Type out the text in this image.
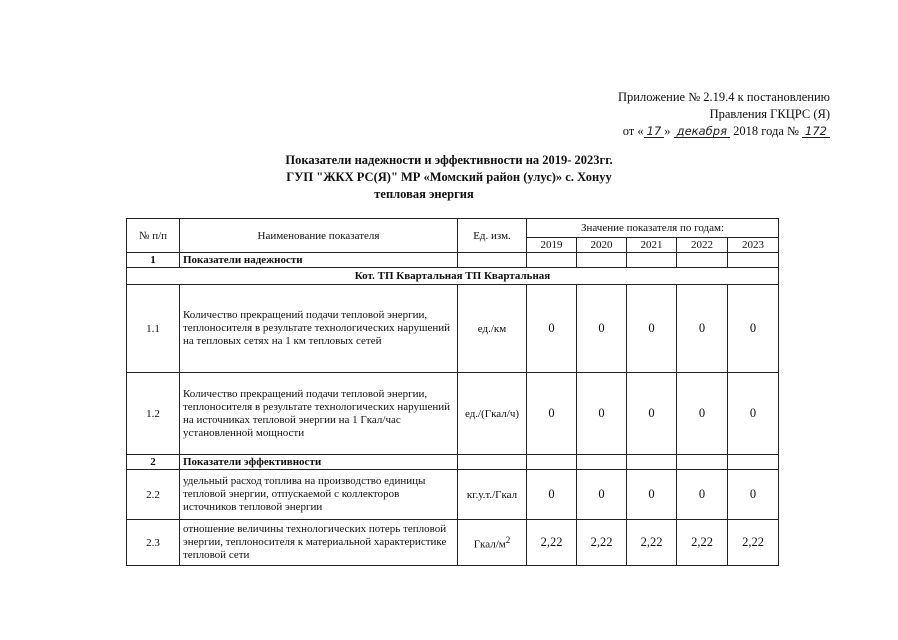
Приложение № 2.19.4 к постановлению
Правления ГКЦРС (Я)
от « 17 » декабря 2018 года № 172
Показатели надежности и эффективности на 2019- 2023гг.
ГУП "ЖКХ РС(Я)" МР «Момский район (улус)» с. Хонуу
тепловая энергия
№ п/п	Наименование показателя	Ед. изм.	Значение показателя по годам:				
			2019	2020	2021	2022	2023
1	Показатели надежности						
Кот. ТП Квартальная ТП Квартальная							
1.1	Количество прекращений подачи тепловой энергии, теплоносителя в результате технологических нарушений на тепловых сетях на 1 км тепловых сетей	ед./км	0	0	0	0	0
1.2	Количество прекращений подачи тепловой энергии, теплоносителя в результате технологических нарушений на источниках тепловой энергии на 1 Гкал/час установленной мощности	ед./(Гкал/ч)	0	0	0	0	0
2	Показатели эффективности						
2.2	удельный расход топлива на производство единицы тепловой энергии, отпускаемой с коллекторов источников тепловой энергии	кг.у.т./Гкал	0	0	0	0	0
2.3	отношение величины технологических потерь тепловой энергии, теплоносителя к материальной характеристике тепловой сети	Гкал/$м^2$	2,22	2,22	2,22	2,22	2,22
